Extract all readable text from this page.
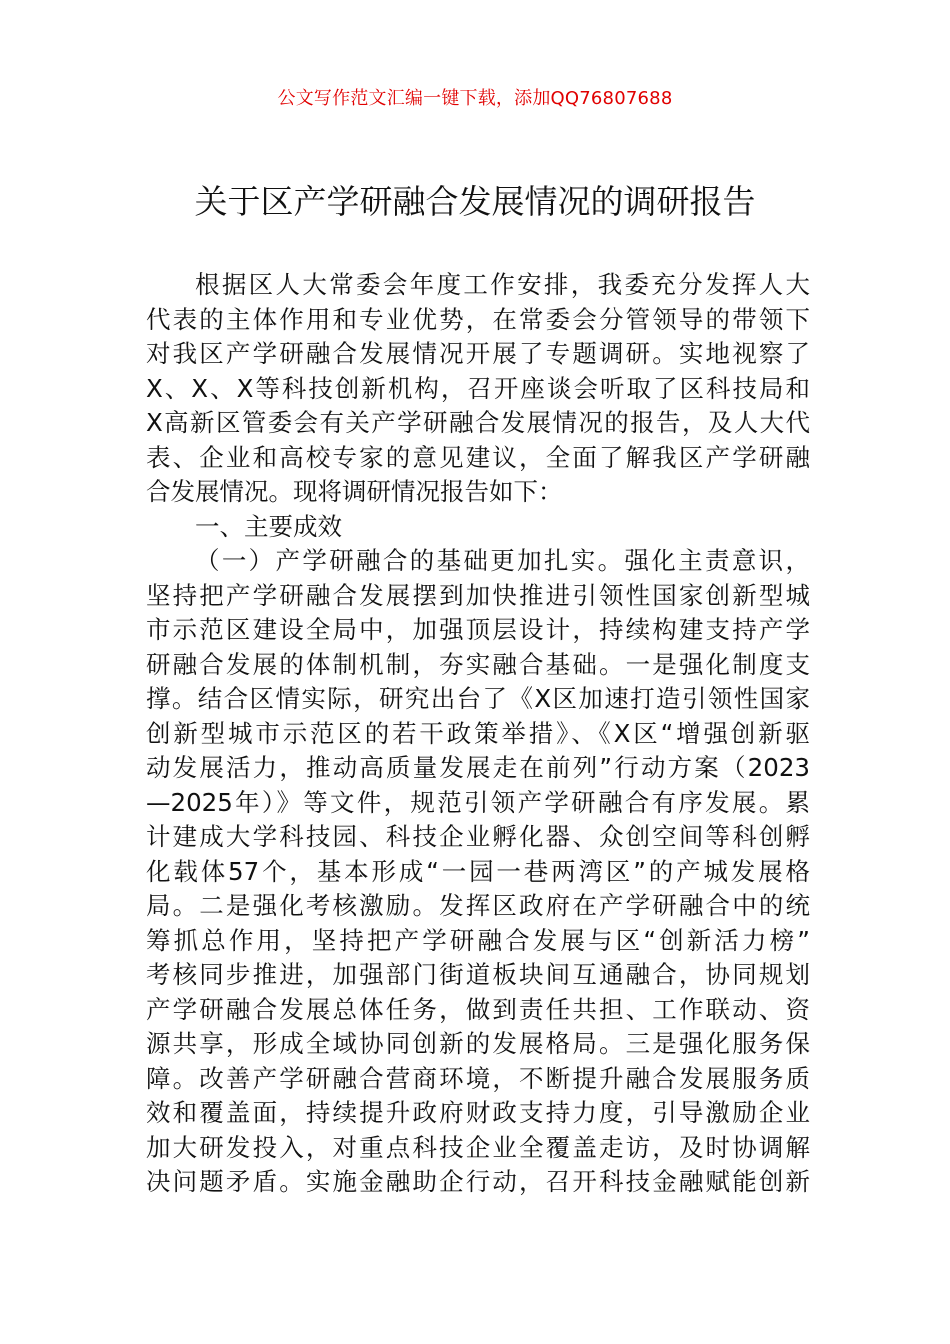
公文写作范文汇编一键下载，添加QQ76807688
关于区产学研融合发展情况的调研报告
根据区人大常委会年度工作安排，我委充分发挥人大
代表的主体作用和专业优势，在常委会分管领导的带领下
对我区产学研融合发展情况开展了专题调研。实地视察了
X、X、X等科技创新机构，召开座谈会听取了区科技局和
X高新区管委会有关产学研融合发展情况的报告，及人大代
表、企业和高校专家的意见建议，全面了解我区产学研融
合发展情况。现将调研情况报告如下：
一、主要成效
（一）产学研融合的基础更加扎实。强化主责意识，
坚持把产学研融合发展摆到加快推进引领性国家创新型城
市示范区建设全局中，加强顶层设计，持续构建支持产学
研融合发展的体制机制，夯实融合基础。一是强化制度支
撑。结合区情实际，研究出台了《X区加速打造引领性国家
创新型城市示范区的若干政策举措》、《X区“增强创新驱
动发展活力，推动高质量发展走在前列”行动方案（2023
—2025年）》等文件，规范引领产学研融合有序发展。累
计建成大学科技园、科技企业孵化器、众创空间等科创孵
化载体57个，基本形成“一园一巷两湾区”的产城发展格
局。二是强化考核激励。发挥区政府在产学研融合中的统
筹抓总作用，坚持把产学研融合发展与区“创新活力榜”
考核同步推进，加强部门街道板块间互通融合，协同规划
产学研融合发展总体任务，做到责任共担、工作联动、资
源共享，形成全域协同创新的发展格局。三是强化服务保
障。改善产学研融合营商环境，不断提升融合发展服务质
效和覆盖面，持续提升政府财政支持力度，引导激励企业
加大研发投入，对重点科技企业全覆盖走访，及时协调解
决问题矛盾。实施金融助企行动，召开科技金融赋能创新
